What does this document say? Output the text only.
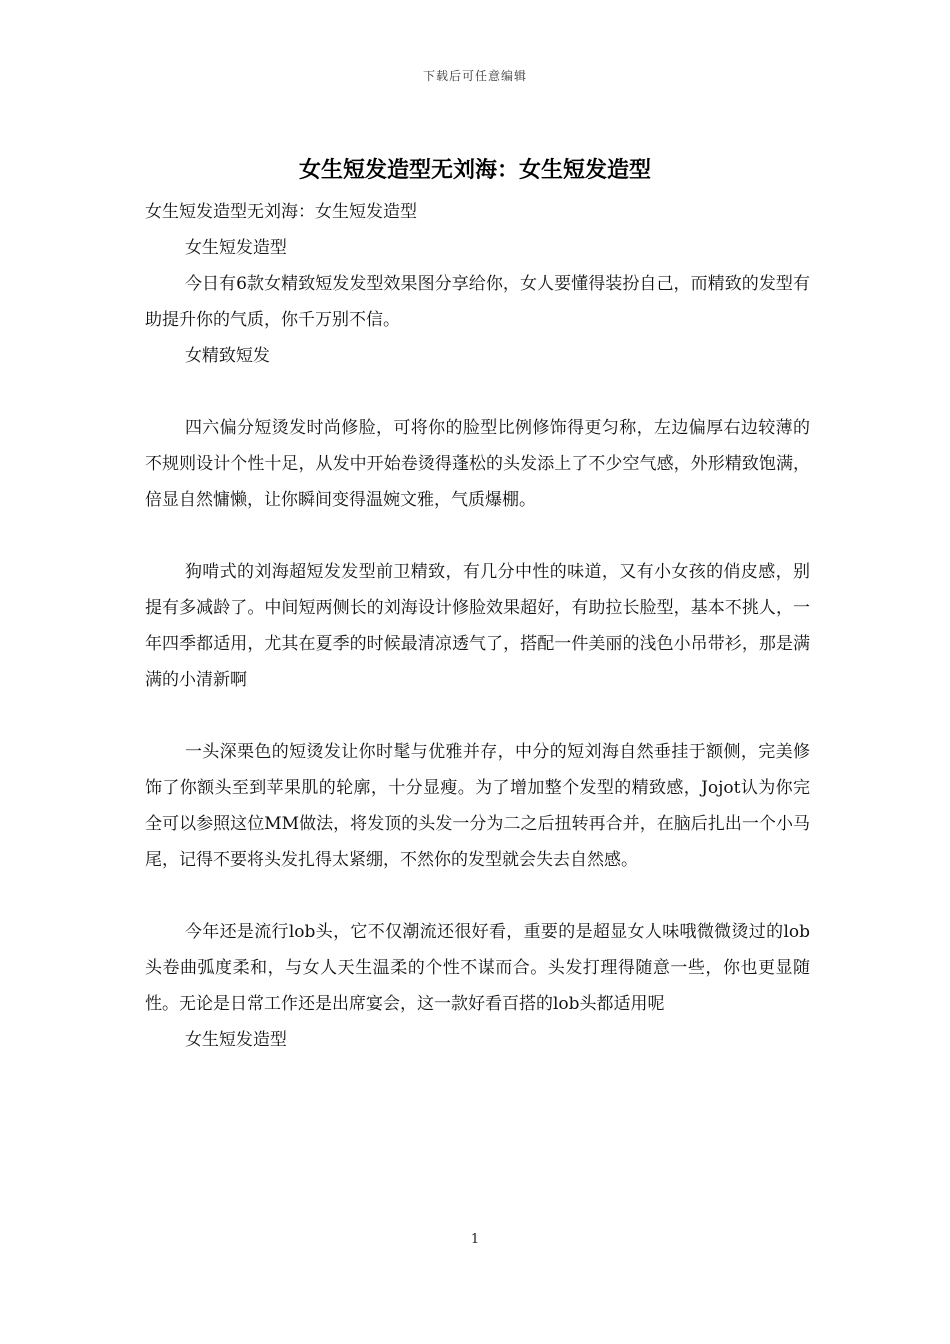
下载后可任意编辑
女生短发造型无刘海：女生短发造型

女生短发造型无刘海：女生短发造型

女生短发造型

今日有6款女精致短发发型效果图分享给你，女人要懂得装扮自己，而精致的发型有助提升你的气质，你千万别不信。

女精致短发

四六偏分短烫发时尚修脸，可将你的脸型比例修饰得更匀称，左边偏厚右边较薄的不规则设计个性十足，从发中开始卷烫得蓬松的头发添上了不少空气感，外形精致饱满，倍显自然慵懒，让你瞬间变得温婉文雅，气质爆棚。

狗啃式的刘海超短发发型前卫精致，有几分中性的味道，又有小女孩的俏皮感，别提有多减龄了。中间短两侧长的刘海设计修脸效果超好，有助拉长脸型，基本不挑人，一年四季都适用，尤其在夏季的时候最清凉透气了，搭配一件美丽的浅色小吊带衫，那是满满的小清新啊

一头深栗色的短烫发让你时髦与优雅并存，中分的短刘海自然垂挂于额侧，完美修饰了你额头至到苹果肌的轮廓，十分显瘦。为了增加整个发型的精致感，Jojot认为你完全可以参照这位MM做法，将发顶的头发一分为二之后扭转再合并，在脑后扎出一个小马尾，记得不要将头发扎得太紧绷，不然你的发型就会失去自然感。

今年还是流行lob头，它不仅潮流还很好看，重要的是超显女人味哦微微烫过的lob头卷曲弧度柔和，与女人天生温柔的个性不谋而合。头发打理得随意一些，你也更显随性。无论是日常工作还是出席宴会，这一款好看百搭的lob头都适用呢

女生短发造型

1
